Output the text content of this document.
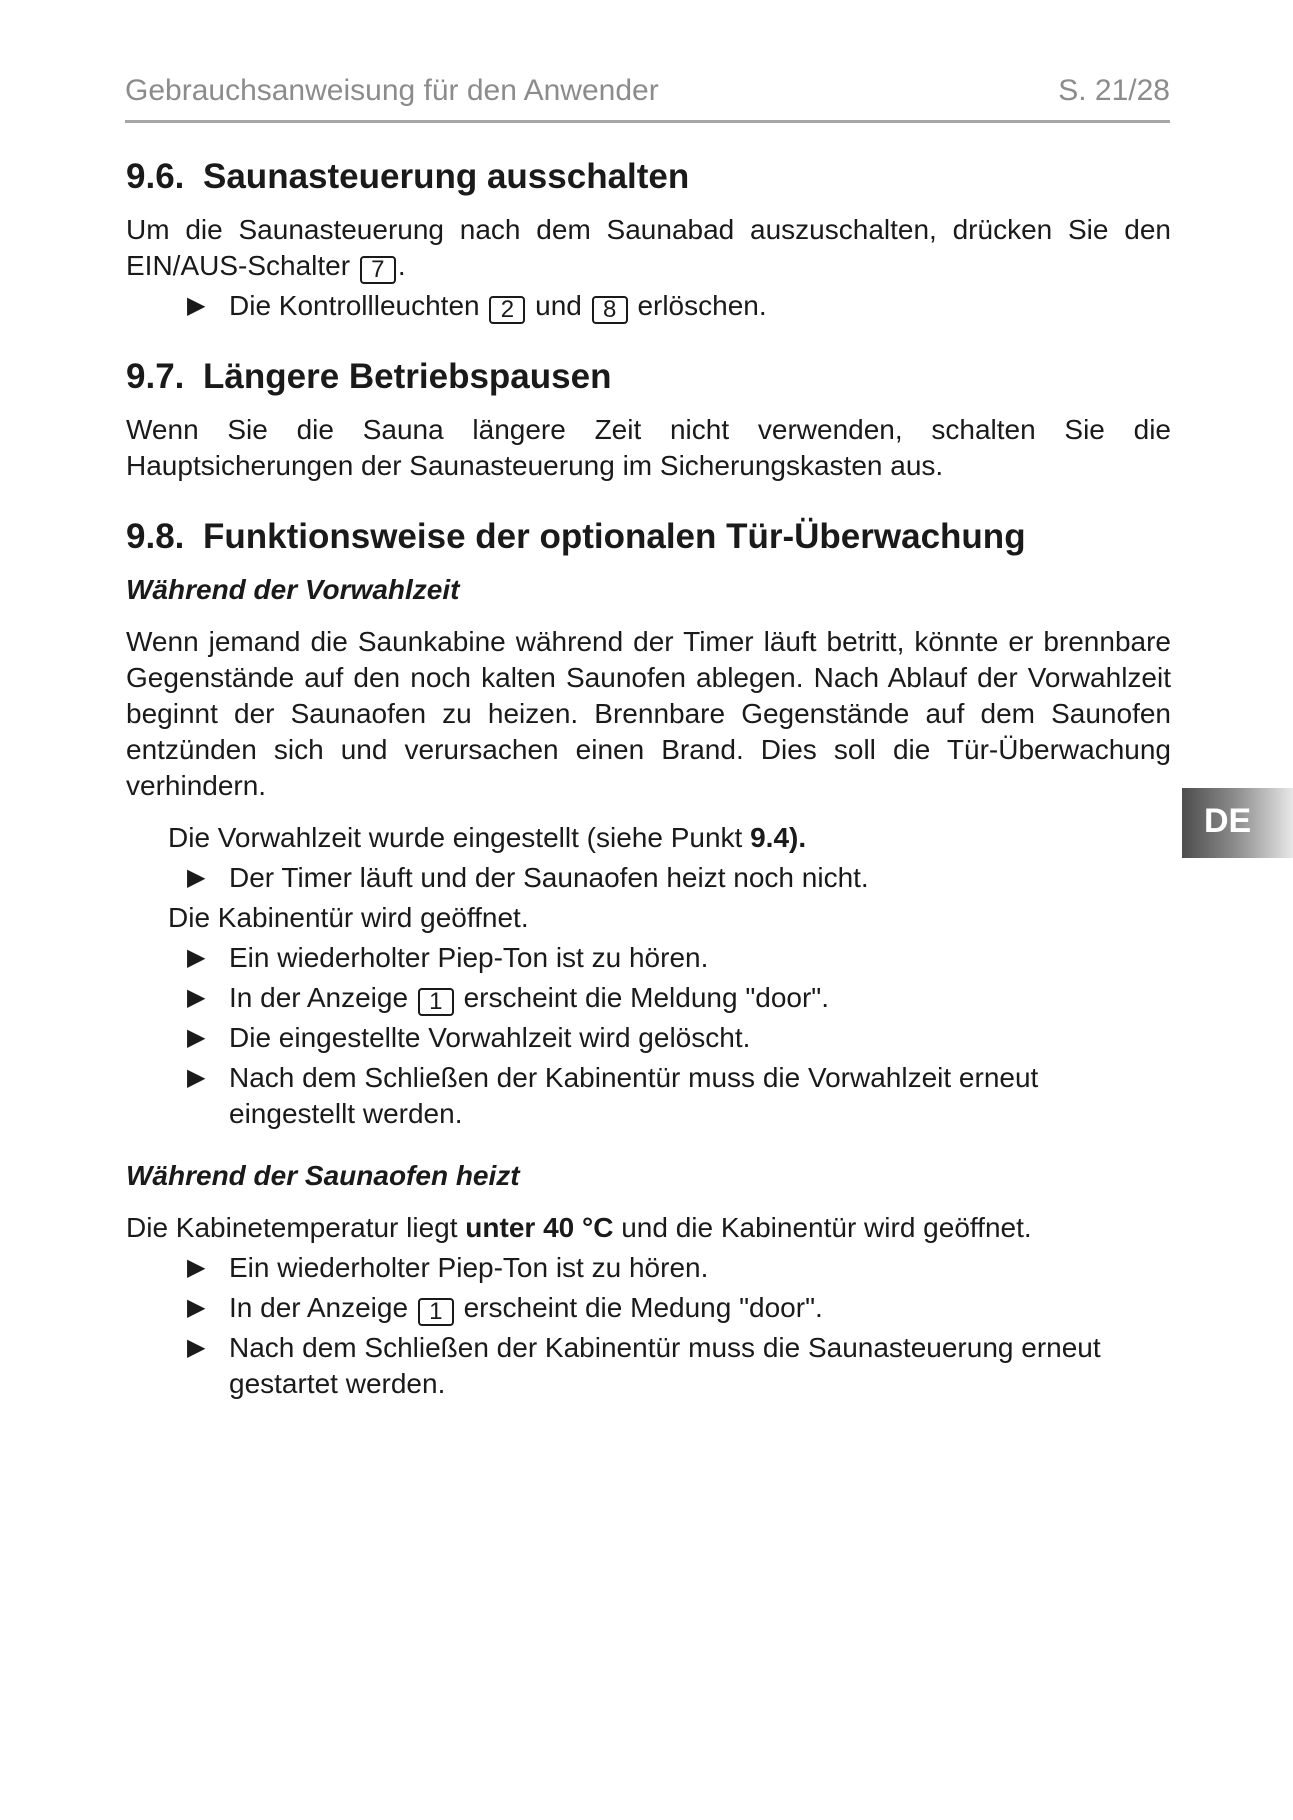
Gebrauchsanweisung für den Anwender	S. 21/28
DE
9.6. Saunasteuerung ausschalten

Um die Saunasteuerung nach dem Saunabad auszuschalten, drücken Sie den EIN/AUS-Schalter 7 .

▶ Die Kontrollleuchten 2 und 8 erlöschen.
9.7. Längere Betriebspausen

Wenn Sie die Sauna längere Zeit nicht verwenden, schalten Sie die Hauptsicherungen der Saunasteuerung im Sicherungskasten aus.

9.8. Funktionsweise der optionalen Tür-Überwachung
Während der Vorwahlzeit

Wenn jemand die Saunkabine während der Timer läuft betritt, könnte er brennbare Gegenstände auf den noch kalten Saunofen ablegen. Nach Ablauf der Vorwahlzeit beginnt der Saunaofen zu heizen. Brennbare Gegenstände auf dem Saunofen entzünden sich und verursachen einen Brand. Dies soll die Tür-Überwachung verhindern.

Die Vorwahlzeit wurde eingestellt (siehe Punkt 9.4).
▶ Der Timer läuft und der Saunaofen heizt noch nicht.
Die Kabinentür wird geöffnet.
▶ Ein wiederholter Piep-Ton ist zu hören.
▶ In der Anzeige 1 erscheint die Meldung "door".
▶ Die eingestellte Vorwahlzeit wird gelöscht.
▶ Nach dem Schließen der Kabinentür muss die Vorwahlzeit erneut eingestellt werden.
Während der Saunaofen heizt

Die Kabinetemperatur liegt unter 40 °C und die Kabinentür wird geöffnet.

▶ Ein wiederholter Piep-Ton ist zu hören.
▶ In der Anzeige 1 erscheint die Medung "door".
▶ Nach dem Schließen der Kabinentür muss die Saunasteuerung erneut gestartet werden.
